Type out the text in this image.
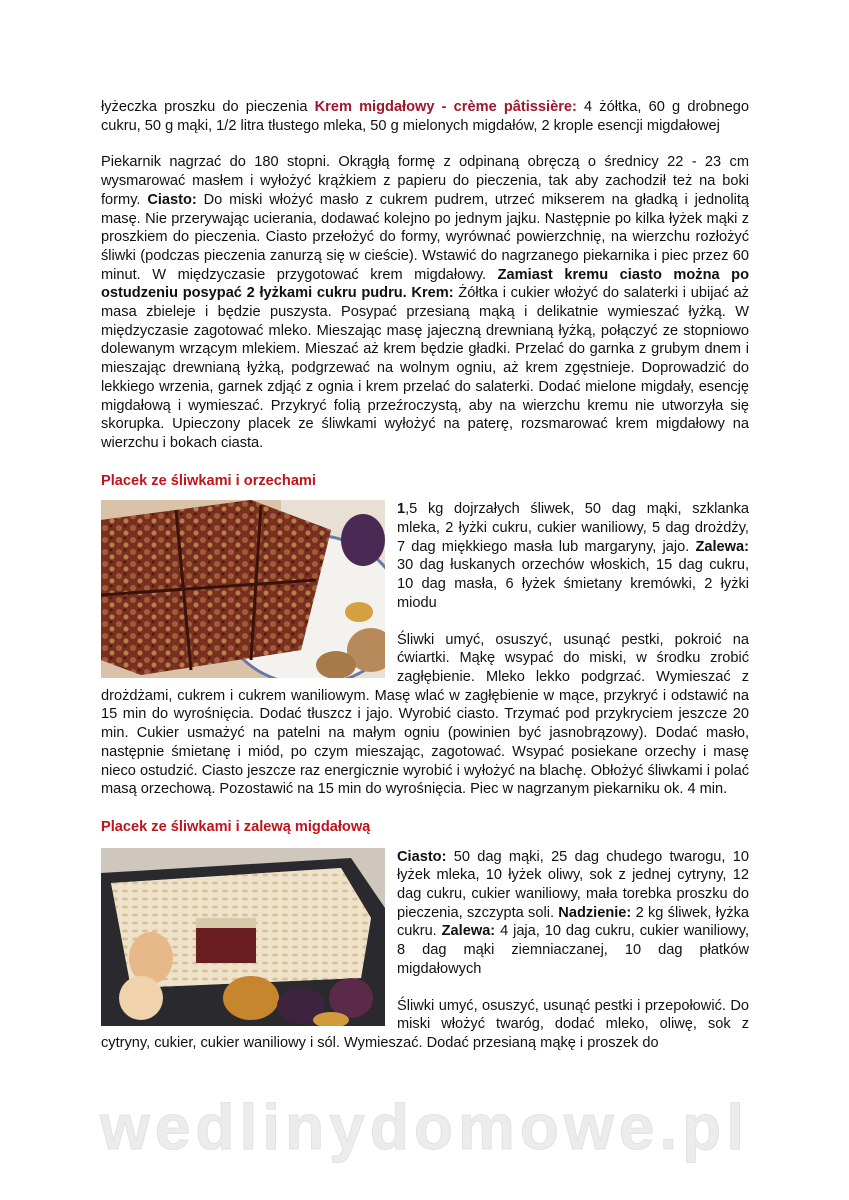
łyżeczka proszku do pieczenia Krem migdałowy - crème pâtissière: 4 żółtka, 60 g drobnego cukru, 50 g mąki, 1/2 litra tłustego mleka, 50 g mielonych migdałów, 2 krople esencji migdałowej

Piekarnik nagrzać do 180 stopni. Okrągłą formę z odpinaną obręczą o średnicy 22 - 23 cm wysmarować masłem i wyłożyć krążkiem z papieru do pieczenia, tak aby zachodził też na boki formy. Ciasto: Do miski włożyć masło z cukrem pudrem, utrzeć mikserem na gładką i jednolitą masę. Nie przerywając ucierania, dodawać kolejno po jednym jajku. Następnie po kilka łyżek mąki z proszkiem do pieczenia. Ciasto przełożyć do formy, wyrównać powierzchnię, na wierzchu rozłożyć śliwki (podczas pieczenia zanurzą się w cieście). Wstawić do nagrzanego piekarnika i piec przez 60 minut. W międzyczasie przygotować krem migdałowy. Zamiast kremu ciasto można po ostudzeniu posypać 2 łyżkami cukru pudru. Krem: Żółtka i cukier włożyć do salaterki i ubijać aż masa zbieleje i będzie puszysta. Posypać przesianą mąką i delikatnie wymieszać łyżką. W międzyczasie zagotować mleko. Mieszając masę jajeczną drewnianą łyżką, połączyć ze stopniowo dolewanym wrzącym mlekiem. Mieszać aż krem będzie gładki. Przelać do garnka z grubym dnem i mieszając drewnianą łyżką, podgrzewać na wolnym ogniu, aż krem zgęstnieje. Doprowadzić do lekkiego wrzenia, garnek zdjąć z ognia i krem przelać do salaterki. Dodać mielone migdały, esencję migdałową i wymieszać. Przykryć folią przeźroczystą, aby na wierzchu kremu nie utworzyła się skorupka. Upieczony placek ze śliwkami wyłożyć na paterę, rozsmarować krem migdałowy na wierzchu i bokach ciasta.

Placek ze śliwkami i orzechami

1,5 kg dojrzałych śliwek, 50 dag mąki, szklanka mleka, 2 łyżki cukru, cukier waniliowy, 5 dag drożdży, 7 dag miękkiego masła lub margaryny, jajo. Zalewa: 30 dag łuskanych orzechów włoskich, 15 dag cukru, 10 dag masła, 6 łyżek śmietany kremówki, 2 łyżki miodu

Śliwki umyć, osuszyć, usunąć pestki, pokroić na ćwiartki. Mąkę wsypać do miski, w środku zrobić zagłębienie. Mleko lekko podgrzać. Wymieszać z drożdżami, cukrem i cukrem waniliowym. Masę wlać w zagłębienie w mące, przykryć i odstawić na 15 min do wyrośnięcia. Dodać tłuszcz i jajo. Wyrobić ciasto. Trzymać pod przykryciem jeszcze 20 min. Cukier usmażyć na patelni na małym ogniu (powinien być jasnobrązowy). Dodać masło, następnie śmietanę i miód, po czym mieszając, zagotować. Wsypać posiekane orzechy i masę nieco ostudzić. Ciasto jeszcze raz energicznie wyrobić i wyłożyć na blachę. Obłożyć śliwkami i polać masą orzechową. Pozostawić na 15 min do wyrośnięcia. Piec w nagrzanym piekarniku ok. 4 min.

Placek ze śliwkami i zalewą migdałową

Ciasto: 50 dag mąki, 25 dag chudego twarogu, 10 łyżek mleka, 10 łyżek oliwy, sok z jednej cytryny, 12 dag cukru, cukier waniliowy, mała torebka proszku do pieczenia, szczypta soli. Nadzienie: 2 kg śliwek, łyżka cukru. Zalewa: 4 jaja, 10 dag cukru, cukier waniliowy, 8 dag mąki ziemniaczanej, 10 dag płatków migdałowych

Śliwki umyć, osuszyć, usunąć pestki i przepołowić. Do miski włożyć twaróg, dodać mleko, oliwę, sok z cytryny, cukier, cukier waniliowy i sól. Wymieszać. Dodać przesianą mąkę i proszek do

wedlinydomowe.pl
